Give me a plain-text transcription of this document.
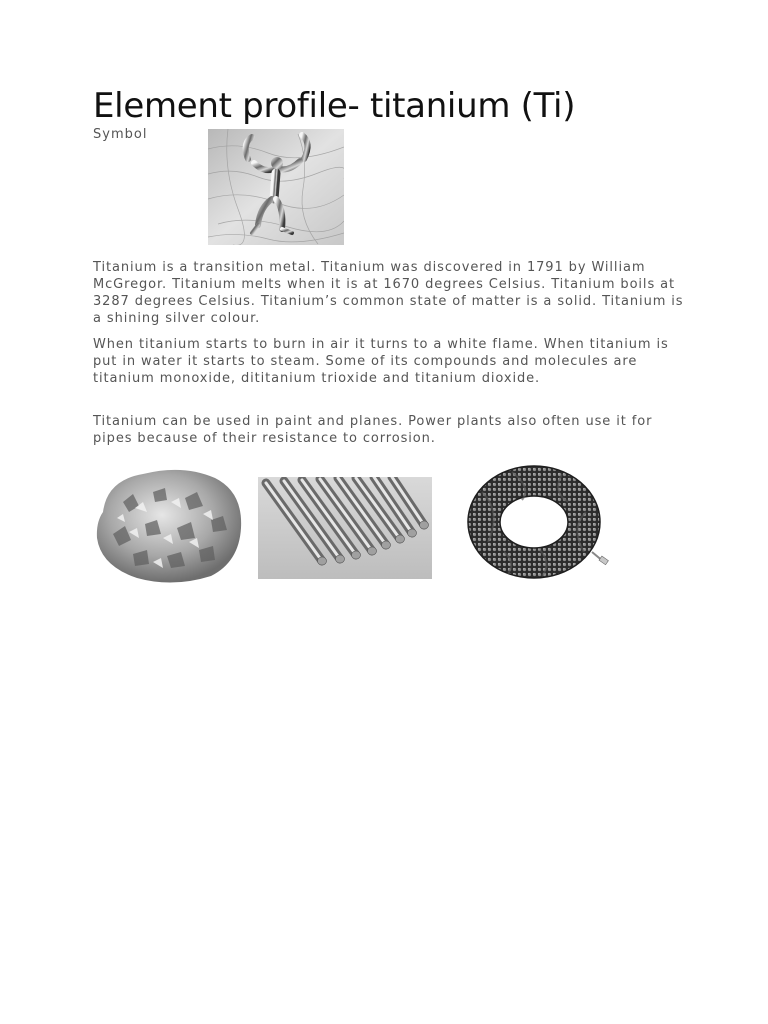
Element profile- titanium (Ti)
Symbol

Titanium is a transition metal. Titanium was discovered in 1791 by William McGregor. Titanium melts when it is at 1670 degrees Celsius. Titanium boils at 3287 degrees Celsius. Titanium’s common state of matter is a solid. Titanium is a shining silver colour.

When titanium starts to burn in air it turns to a white flame. When titanium is put in water it starts to steam. Some of its compounds and molecules are titanium monoxide, dititanium trioxide and titanium dioxide.

Titanium can be used in paint and planes. Power plants also often use it for pipes because of their resistance to corrosion.
